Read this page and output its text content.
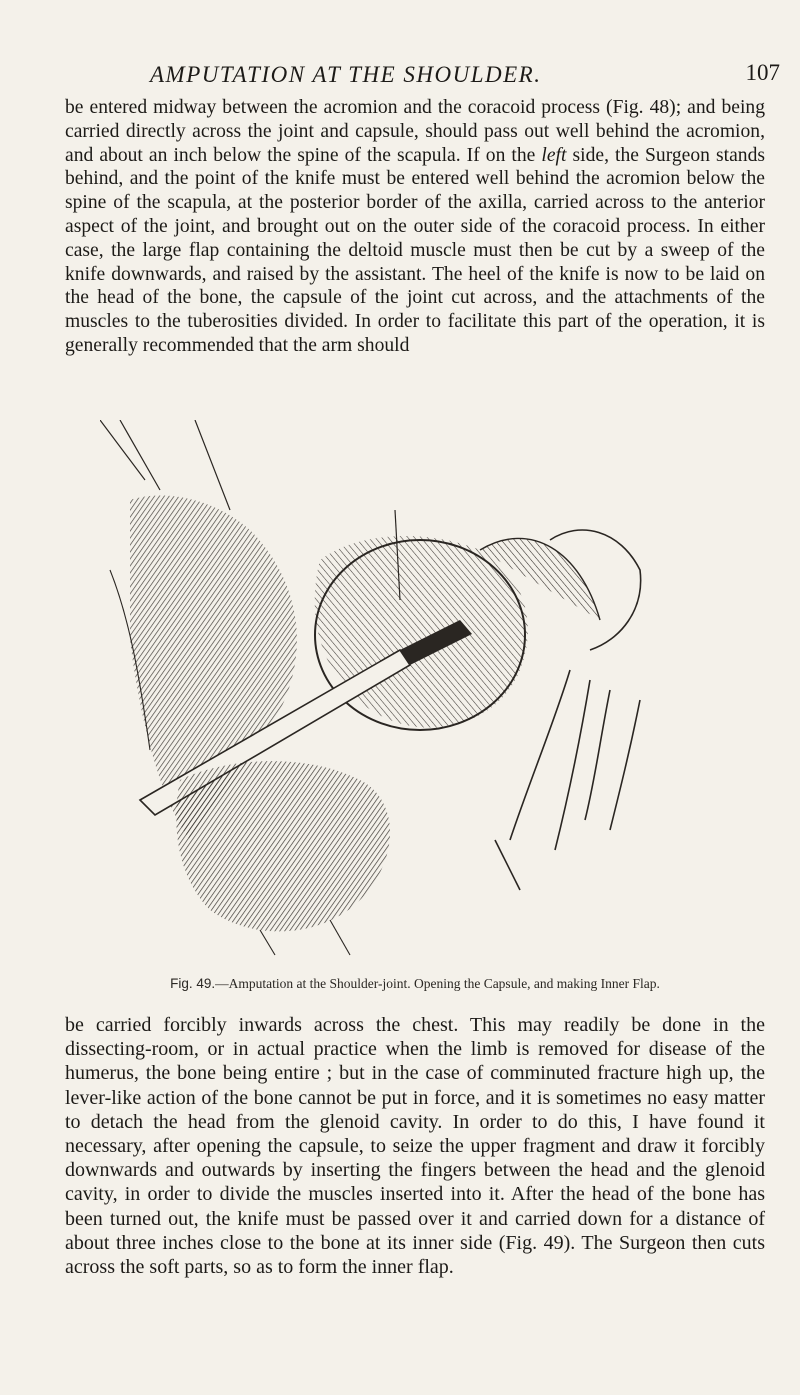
AMPUTATION AT THE SHOULDER.	107

be entered midway between the acromion and the coracoid process (Fig. 48); and being carried directly across the joint and capsule, should pass out well behind the acromion, and about an inch below the spine of the scapula. If on the left side, the Surgeon stands behind, and the point of the knife must be entered well behind the acromion below the spine of the scapula, at the posterior border of the axilla, carried across to the anterior aspect of the joint, and brought out on the outer side of the coracoid process. In either case, the large flap containing the deltoid muscle must then be cut by a sweep of the knife downwards, and raised by the assistant. The heel of the knife is now to be laid on the head of the bone, the capsule of the joint cut across, and the attachments of the muscles to the tuberosities divided. In order to facilitate this part of the operation, it is generally recommended that the arm should

Fig. 49.—Amputation at the Shoulder-joint. Opening the Capsule, and making Inner Flap.

be carried forcibly inwards across the chest. This may readily be done in the dissecting-room, or in actual practice when the limb is removed for disease of the humerus, the bone being entire ; but in the case of comminuted fracture high up, the lever-like action of the bone cannot be put in force, and it is sometimes no easy matter to detach the head from the glenoid cavity. In order to do this, I have found it necessary, after opening the capsule, to seize the upper fragment and draw it forcibly downwards and outwards by inserting the fingers between the head and the glenoid cavity, in order to divide the muscles inserted into it. After the head of the bone has been turned out, the knife must be passed over it and carried down for a distance of about three inches close to the bone at its inner side (Fig. 49). The Surgeon then cuts across the soft parts, so as to form the inner flap.
